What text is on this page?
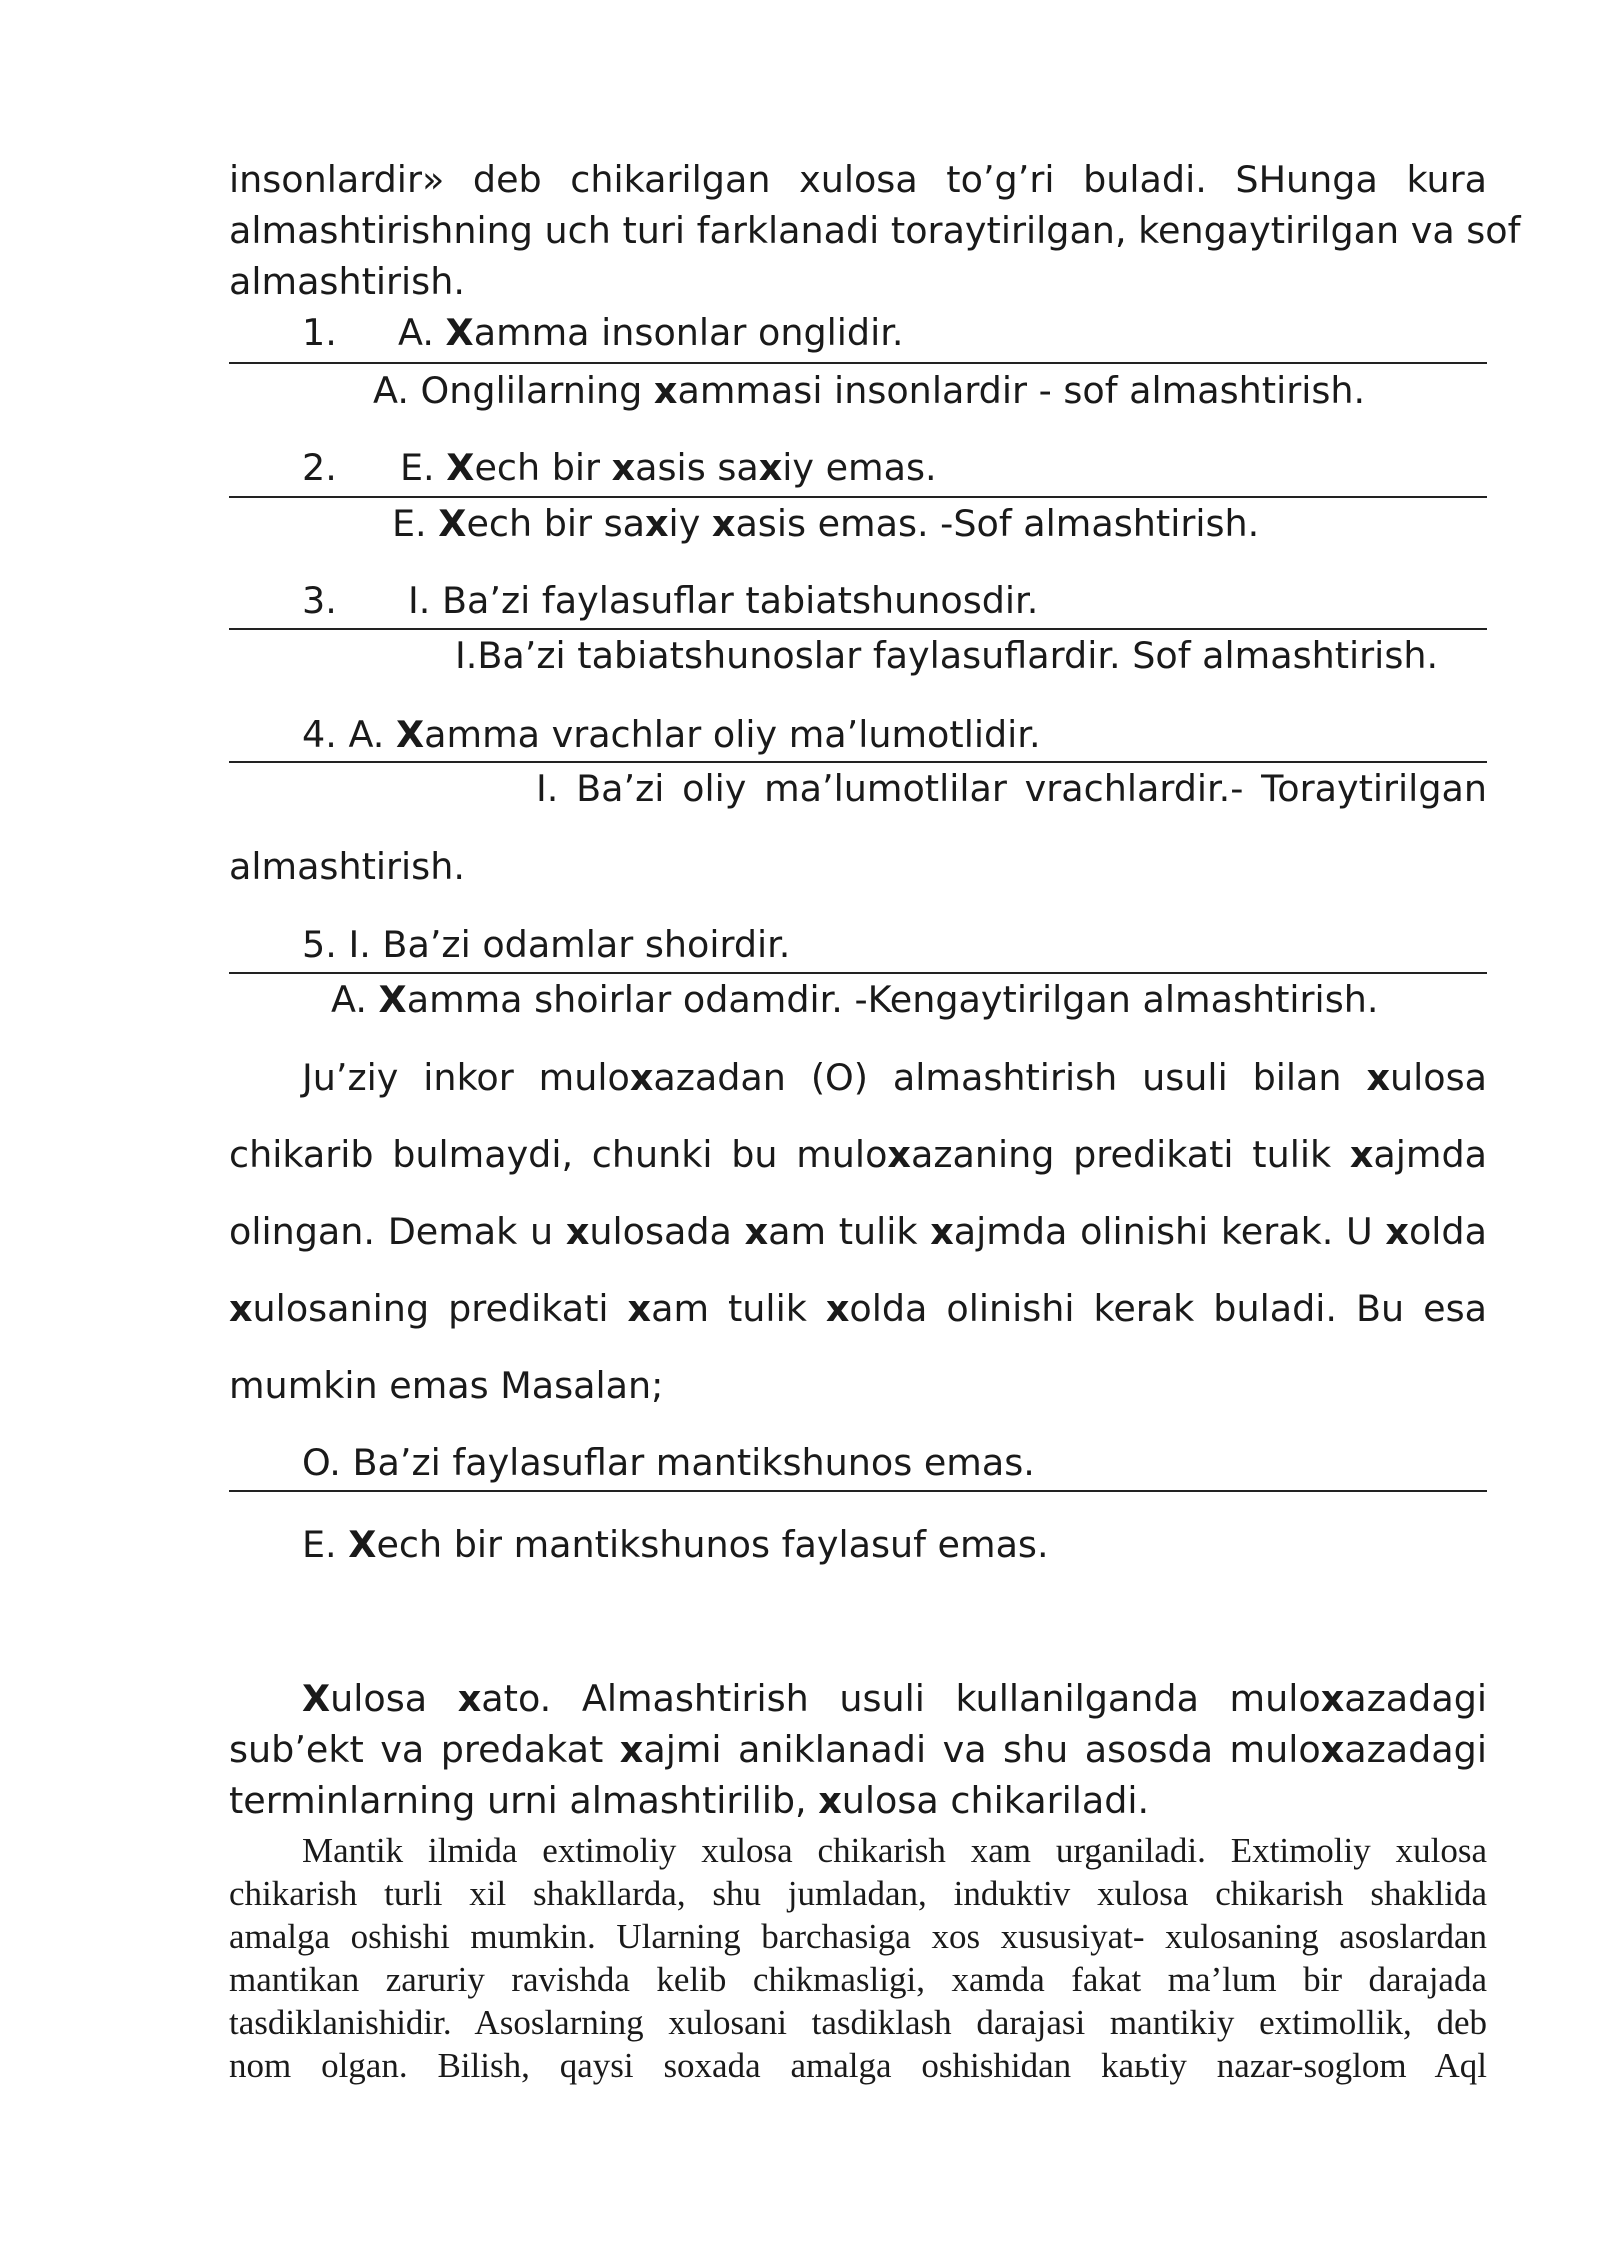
insonlardir» deb chikarilgan xulosa to’g’ri buladi. SHunga kura
almashtirishning uch turi farklanadi toraytirilgan, kengaytirilgan va sof
almashtirish.
1. A. Xamma insonlar onglidir.
A. Onglilarning xammasi insonlardir - sof almashtirish.
2. E. Xech bir xasis saxiy emas.
E. Xech bir saxiy xasis emas. -Sof almashtirish.
3. I. Ba’zi faylasuflar tabiatshunosdir.
I.Ba’zi tabiatshunoslar faylasuflardir. Sof almashtirish.
4. A. Xamma vrachlar oliy ma’lumotlidir.
I. Ba’zi oliy ma’lumotlilar vrachlardir.- Toraytirilgan
almashtirish.
5. I. Ba’zi odamlar shoirdir.
A. Xamma shoirlar odamdir. -Kengaytirilgan almashtirish.
Ju’ziy inkor muloxazadan (O) almashtirish usuli bilan xulosa
chikarib bulmaydi, chunki bu muloxazaning predikati tulik xajmda
olingan. Demak u xulosada xam tulik xajmda olinishi kerak. U xolda
xulosaning predikati xam tulik xolda olinishi kerak buladi. Bu esa
mumkin emas Masalan;
O. Ba’zi faylasuflar mantikshunos emas.
E. Xech bir mantikshunos faylasuf emas.
Xulosa xato. Almashtirish usuli kullanilganda muloxazadagi
sub’ekt va predakat xajmi aniklanadi va shu asosda muloxazadagi
terminlarning urni almashtirilib, xulosa chikariladi.
Mantik ilmida extimoliy xulosa chikarish xam urganiladi. Extimoliy xulosa
chikarish turli xil shakllarda, shu jumladan, induktiv xulosa chikarish shaklida
amalga oshishi mumkin. Ularning barchasiga xos xususiyat- xulosaning asoslardan
mantikan zaruriy ravishda kelib chikmasligi, xamda fakat ma’lum bir darajada
tasdiklanishidir. Asoslarning xulosani tasdiklash darajasi mantikiy extimollik, deb
nom olgan. Bilish, qaysi soxada amalga oshishidan kaьtiy nazar-soglom Aql
